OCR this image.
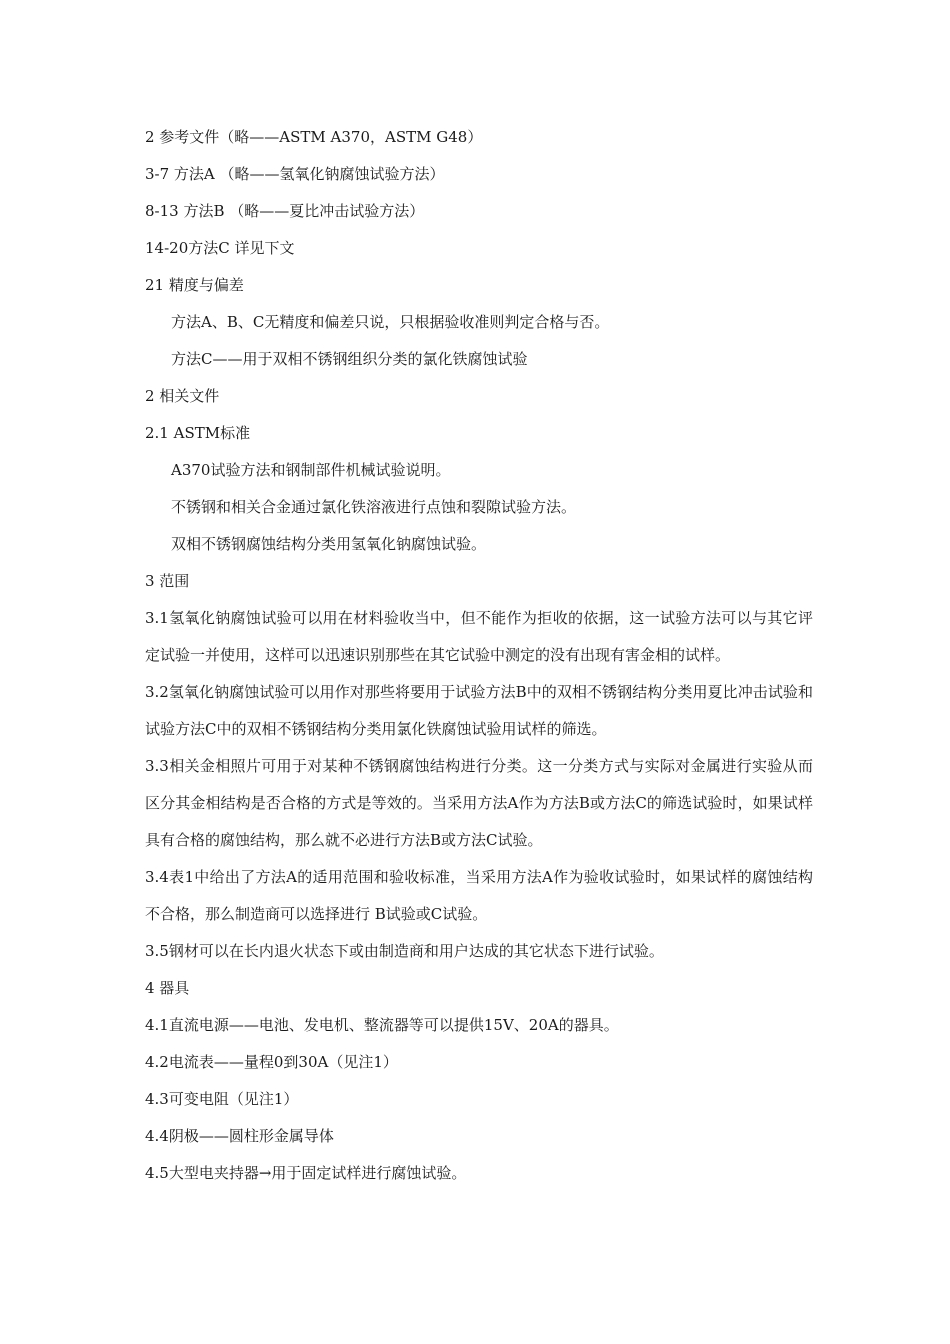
2 参考文件（略——ASTM A370，ASTM G48）

3-7 方法A （略——氢氧化钠腐蚀试验方法）

8-13 方法B （略——夏比冲击试验方法）

14-20方法C 详见下文

21 精度与偏差

方法A、B、C无精度和偏差只说，只根据验收准则判定合格与否。

方法C——用于双相不锈钢组织分类的氯化铁腐蚀试验

2 相关文件

2.1 ASTM标准

A370试验方法和钢制部件机械试验说明。

不锈钢和相关合金通过氯化铁溶液进行点蚀和裂隙试验方法。

双相不锈钢腐蚀结构分类用氢氧化钠腐蚀试验。

3 范围

3.1氢氧化钠腐蚀试验可以用在材料验收当中，但不能作为拒收的依据，这一试验方法可以与其它评定试验一并使用，这样可以迅速识别那些在其它试验中测定的没有出现有害金相的试样。

3.2氢氧化钠腐蚀试验可以用作对那些将要用于试验方法B中的双相不锈钢结构分类用夏比冲击试验和试验方法C中的双相不锈钢结构分类用氯化铁腐蚀试验用试样的筛选。

3.3相关金相照片可用于对某种不锈钢腐蚀结构进行分类。这一分类方式与实际对金属进行实验从而区分其金相结构是否合格的方式是等效的。当采用方法A作为方法B或方法C的筛选试验时，如果试样具有合格的腐蚀结构，那么就不必进行方法B或方法C试验。

3.4表1中给出了方法A的适用范围和验收标准，当采用方法A作为验收试验时，如果试样的腐蚀结构不合格，那么制造商可以选择进行 B试验或C试验。

3.5钢材可以在长内退火状态下或由制造商和用户达成的其它状态下进行试验。

4 器具

4.1直流电源——电池、发电机、整流器等可以提供15V、20A的器具。

4.2电流表——量程0到30A（见注1）

4.3可变电阻（见注1）

4.4阴极——圆柱形金属导体

4.5大型电夹持器→用于固定试样进行腐蚀试验。
